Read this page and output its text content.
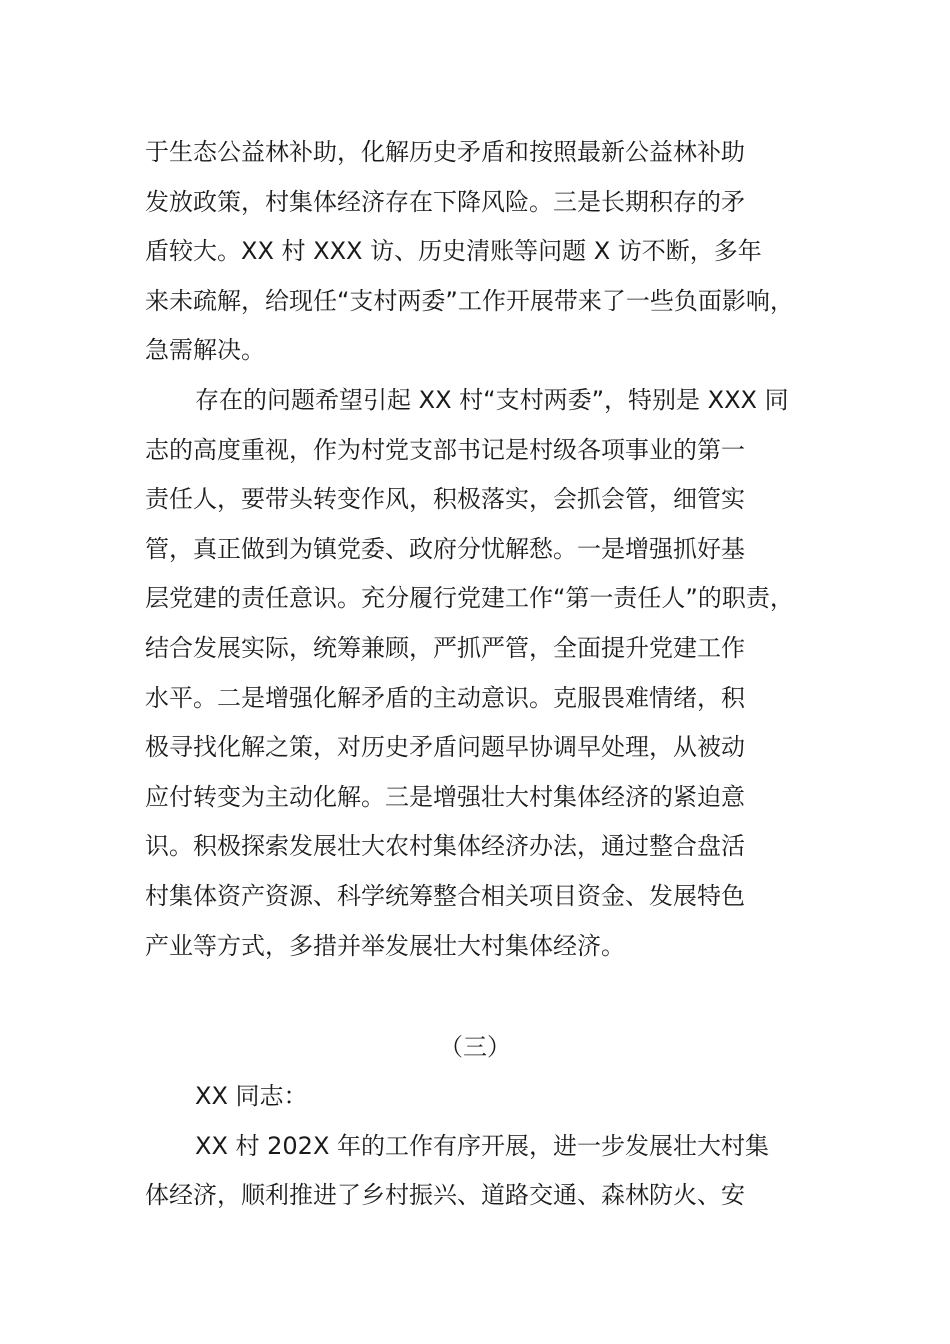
于生态公益林补助，化解历史矛盾和按照最新公益林补助
发放政策，村集体经济存在下降风险。三是长期积存的矛
盾较大。XX 村 XXX 访、历史清账等问题 X 访不断，多年
来未疏解，给现任“支村两委”工作开展带来了一些负面影响，
急需解决。
存在的问题希望引起 XX 村“支村两委”，特别是 XXX 同
志的高度重视，作为村党支部书记是村级各项事业的第一
责任人，要带头转变作风，积极落实，会抓会管，细管实
管，真正做到为镇党委、政府分忧解愁。一是增强抓好基
层党建的责任意识。充分履行党建工作“第一责任人”的职责，
结合发展实际，统筹兼顾，严抓严管，全面提升党建工作
水平。二是增强化解矛盾的主动意识。克服畏难情绪，积
极寻找化解之策，对历史矛盾问题早协调早处理，从被动
应付转变为主动化解。三是增强壮大村集体经济的紧迫意
识。积极探索发展壮大农村集体经济办法，通过整合盘活
村集体资产资源、科学统筹整合相关项目资金、发展特色
产业等方式，多措并举发展壮大村集体经济。
（三）
XX 同志：
XX 村 202X 年的工作有序开展，进一步发展壮大村集
体经济，顺利推进了乡村振兴、道路交通、森林防火、安
